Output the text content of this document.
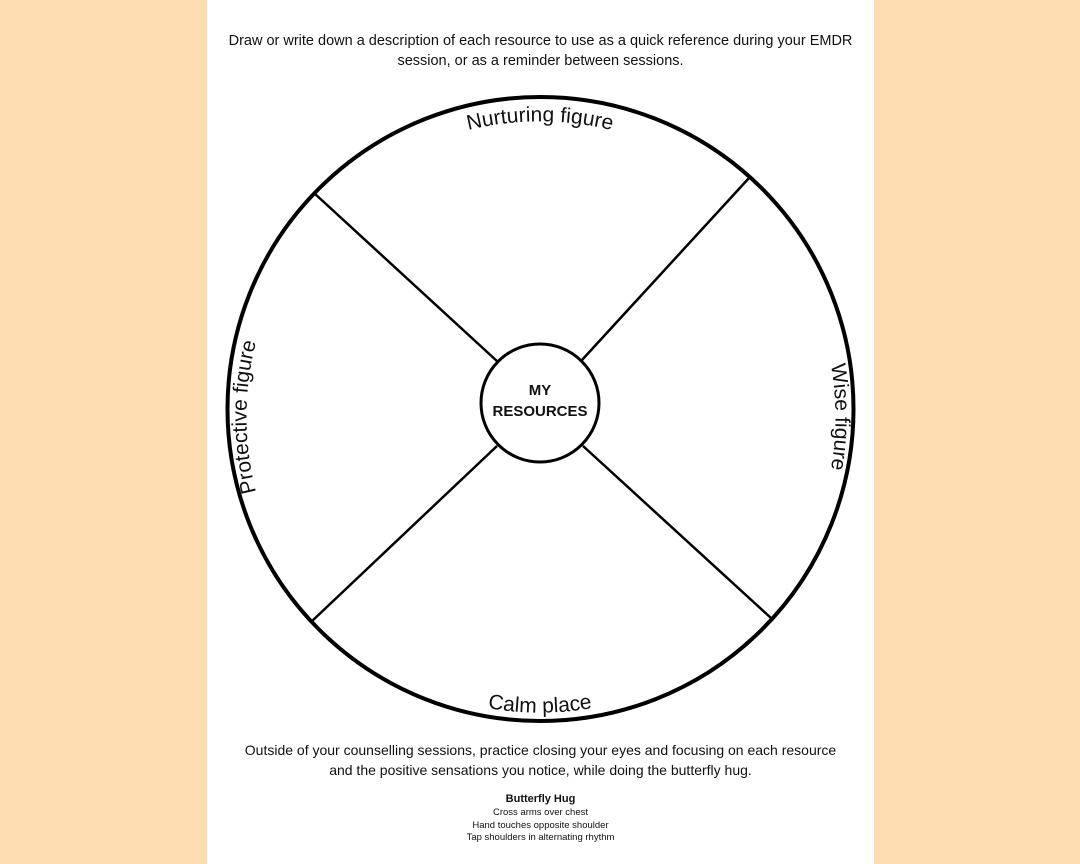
Draw or write down a description of each resource to use as a quick reference during your EMDR
session, or as a reminder between sessions.
MY
RESOURCES
Nurturing figure
Calm place
Wise figure
Protective figure
Outside of your counselling sessions, practice closing your eyes and focusing on each resource
and the positive sensations you notice, while doing the butterfly hug.
Butterfly Hug
Cross arms over chest
Hand touches opposite shoulder
Tap shoulders in alternating rhythm
